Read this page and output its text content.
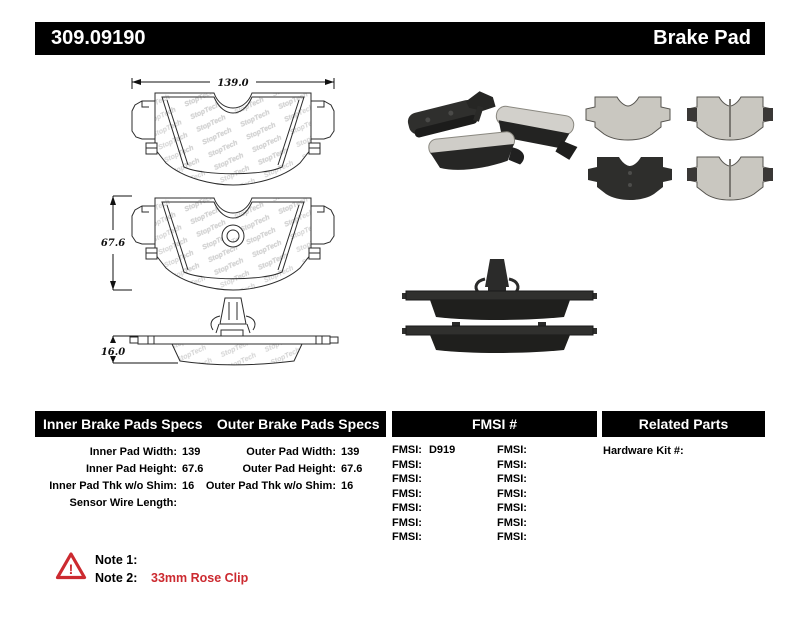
309.09190	Brake Pad
139.0
67.6
16.0
Inner Brake Pads Specs	Outer Brake Pads Specs	FMSI #	Related Parts
Inner Pad Width: 139
Inner Pad Height: 67.6
Inner Pad Thk w/o Shim: 16
Sensor Wire Length:
Outer Pad Width: 139
Outer Pad Height: 67.6
Outer Pad Thk w/o Shim: 16
FMSI: D919	FMSI:
FMSI:	FMSI:
FMSI:	FMSI:
FMSI:	FMSI:
FMSI:	FMSI:
FMSI:	FMSI:
FMSI:	FMSI:
Hardware Kit #:
!
Note 1:
Note 2: 33mm Rose Clip
